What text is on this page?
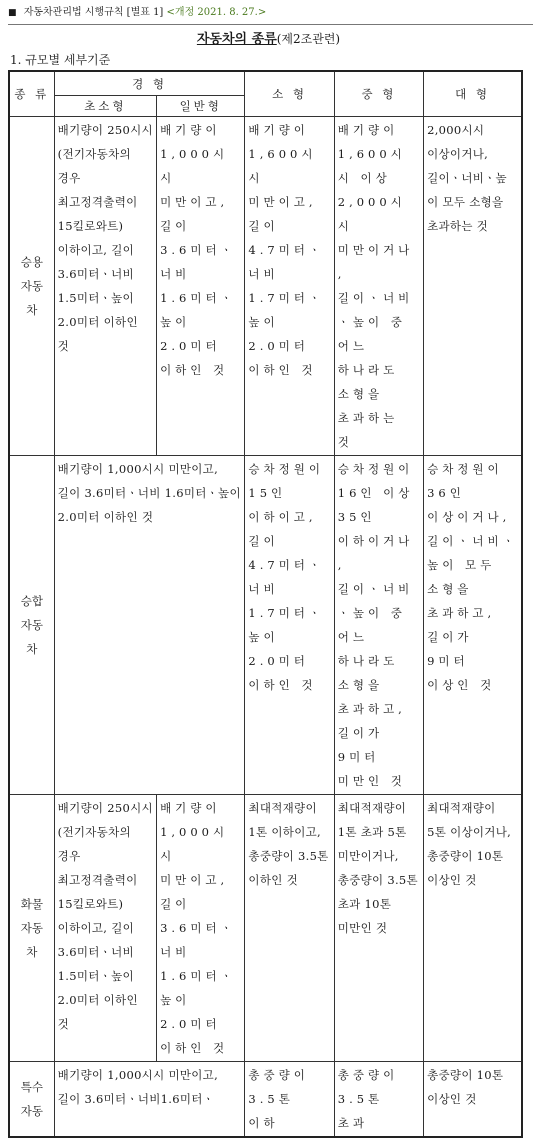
■ 자동차관리법 시행규칙 [별표 1] <개정 2021. 8. 27.>
자동차의 종류(제2조관련)
1. 규모별 세부기준
종 류	경 형		소 형	중 형	대 형
	초소형	일반형			
승용 자동 차	배기량이 250시시(전기자동차의 경우 최고정격출력이 15킬로와트) 이하이고, 길이 3.6미터ㆍ너비 1.5미터ㆍ높이 2.0미터 이하인 것	배기량이 1,000시시 미만이고, 길이 3.6미터ㆍ너비 1.6미터ㆍ높이 2.0미터 이하인 것	배기량이 1,600시시 미만이고, 길이 4.7미터ㆍ너비 1.7미터ㆍ높이 2.0미터 이하인 것	배기량이 1,600시시 이상 2,000시시 미만이거나, 길이ㆍ너비ㆍ높이 중 어느 하나라도 소형을 초과하는 것	2,000시시 이상이거나, 길이ㆍ너비ㆍ높이 모두 소형을 초과하는 것
승합 자동 차	배기량이 1,000시시 미만이고, 길이 3.6미터ㆍ너비 1.6미터ㆍ높이 2.0미터 이하인 것		승차정원이 15인 이하이고, 길이 4.7미터ㆍ너비 1.7미터ㆍ높이 2.0미터 이하인 것	승차정원이 16인 이상 35인 이하이거나, 길이ㆍ너비ㆍ높이 중 어느 하나라도 소형을 초과하고, 길이가 9미터 미만인 것	승차정원이 36인 이상이거나, 길이ㆍ너비ㆍ높이 모두 소형을 초과하고, 길이가 9미터 이상인 것
화물 자동 차	배기량이 250시시(전기자동차의 경우 최고정격출력이 15킬로와트) 이하이고, 길이 3.6미터ㆍ너비 1.5미터ㆍ높이 2.0미터 이하인 것	배기량이 1,000시시 미만이고, 길이 3.6미터ㆍ너비 1.6미터ㆍ높이 2.0미터 이하인 것	최대적재량이 1톤 이하이고, 총중량이 3.5톤 이하인 것	최대적재량이 1톤 초과 5톤 미만이거나, 총중량이 3.5톤 초과 10톤 미만인 것	최대적재량이 5톤 이상이거나, 총중량이 10톤 이상인 것
특수 자동	배기량이 1,000시시 미만이고, 길이 3.6미터ㆍ너비1.6미터ㆍ		총중량이 3.5톤 이하	총중량이 3.5톤 초과	총중량이 10톤 이상인 것
